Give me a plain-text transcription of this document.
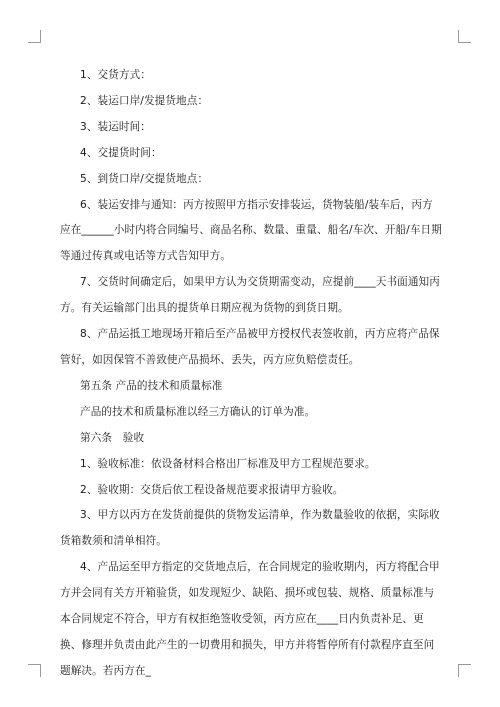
1、交货方式：

2、装运口岸/发提货地点：

3、装运时间：

4、交提货时间：

5、到货口岸/交提货地点：

6、装运安排与通知：丙方按照甲方指示安排装运，货物装船/装车后，丙方应在______小时内将合同编号、商品名称、数量、重量、船名/车次、开船/车日期等通过传真或电话等方式告知甲方。

7、交货时间确定后，如果甲方认为交货期需变动，应提前____天书面通知丙方。有关运输部门出具的提货单日期应视为货物的到货日期。

8、产品运抵工地现场开箱后至产品被甲方授权代表签收前，丙方应将产品保管好，如因保管不善致使产品损坏、丢失，丙方应负赔偿责任。

第五条 产品的技术和质量标准

产品的技术和质量标准以经三方确认的订单为准。

第六条　验收

1、验收标准：依设备材料合格出厂标准及甲方工程规范要求。

2、验收期：交货后依工程设备规范要求报请甲方验收。

3、甲方以丙方在发货前提供的货物发运清单，作为数量验收的依据，实际收货箱数须和清单相符。

4、产品运至甲方指定的交货地点后，在合同规定的验收期内，丙方将配合甲方并会同有关方开箱验货，如发现短少、缺陷、损坏或包装、规格、质量标准与本合同规定不符合，甲方有权拒绝签收受领，丙方应在____日内负责补足、更换、修理并负责由此产生的一切费用和损失，甲方并将暂停所有付款程序直至问题解决。若丙方在_
